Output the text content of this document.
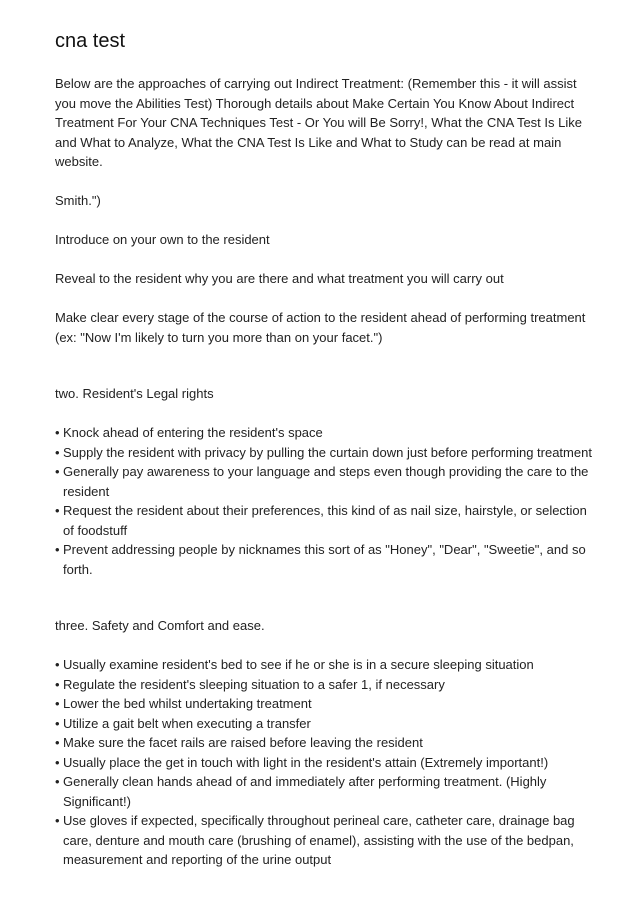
cna test

Below are the approaches of carrying out Indirect Treatment: (Remember this - it will assist you move the Abilities Test) Thorough details about Make Certain You Know About Indirect Treatment For Your CNA Techniques Test - Or You will Be Sorry!, What the CNA Test Is Like and What to Analyze, What the CNA Test Is Like and What to Study can be read at main website.

Smith.")

Introduce on your own to the resident

Reveal to the resident why you are there and what treatment you will carry out

Make clear every stage of the course of action to the resident ahead of performing treatment (ex: "Now I'm likely to turn you more than on your facet.")

two. Resident's Legal rights

• Knock ahead of entering the resident's space
• Supply the resident with privacy by pulling the curtain down just before performing treatment
• Generally pay awareness to your language and steps even though providing the care to the resident
• Request the resident about their preferences, this kind of as nail size, hairstyle, or selection of foodstuff
• Prevent addressing people by nicknames this sort of as "Honey", "Dear", "Sweetie", and so forth.

three. Safety and Comfort and ease.

• Usually examine resident's bed to see if he or she is in a secure sleeping situation
• Regulate the resident's sleeping situation to a safer 1, if necessary
• Lower the bed whilst undertaking treatment
• Utilize a gait belt when executing a transfer
• Make sure the facet rails are raised before leaving the resident
• Usually place the get in touch with light in the resident's attain (Extremely important!)
• Generally clean hands ahead of and immediately after performing treatment. (Highly Significant!)
• Use gloves if expected, specifically throughout perineal care, catheter care, drainage bag care, denture and mouth care (brushing of enamel), assisting with the use of the bedpan, measurement and reporting of the urine output
